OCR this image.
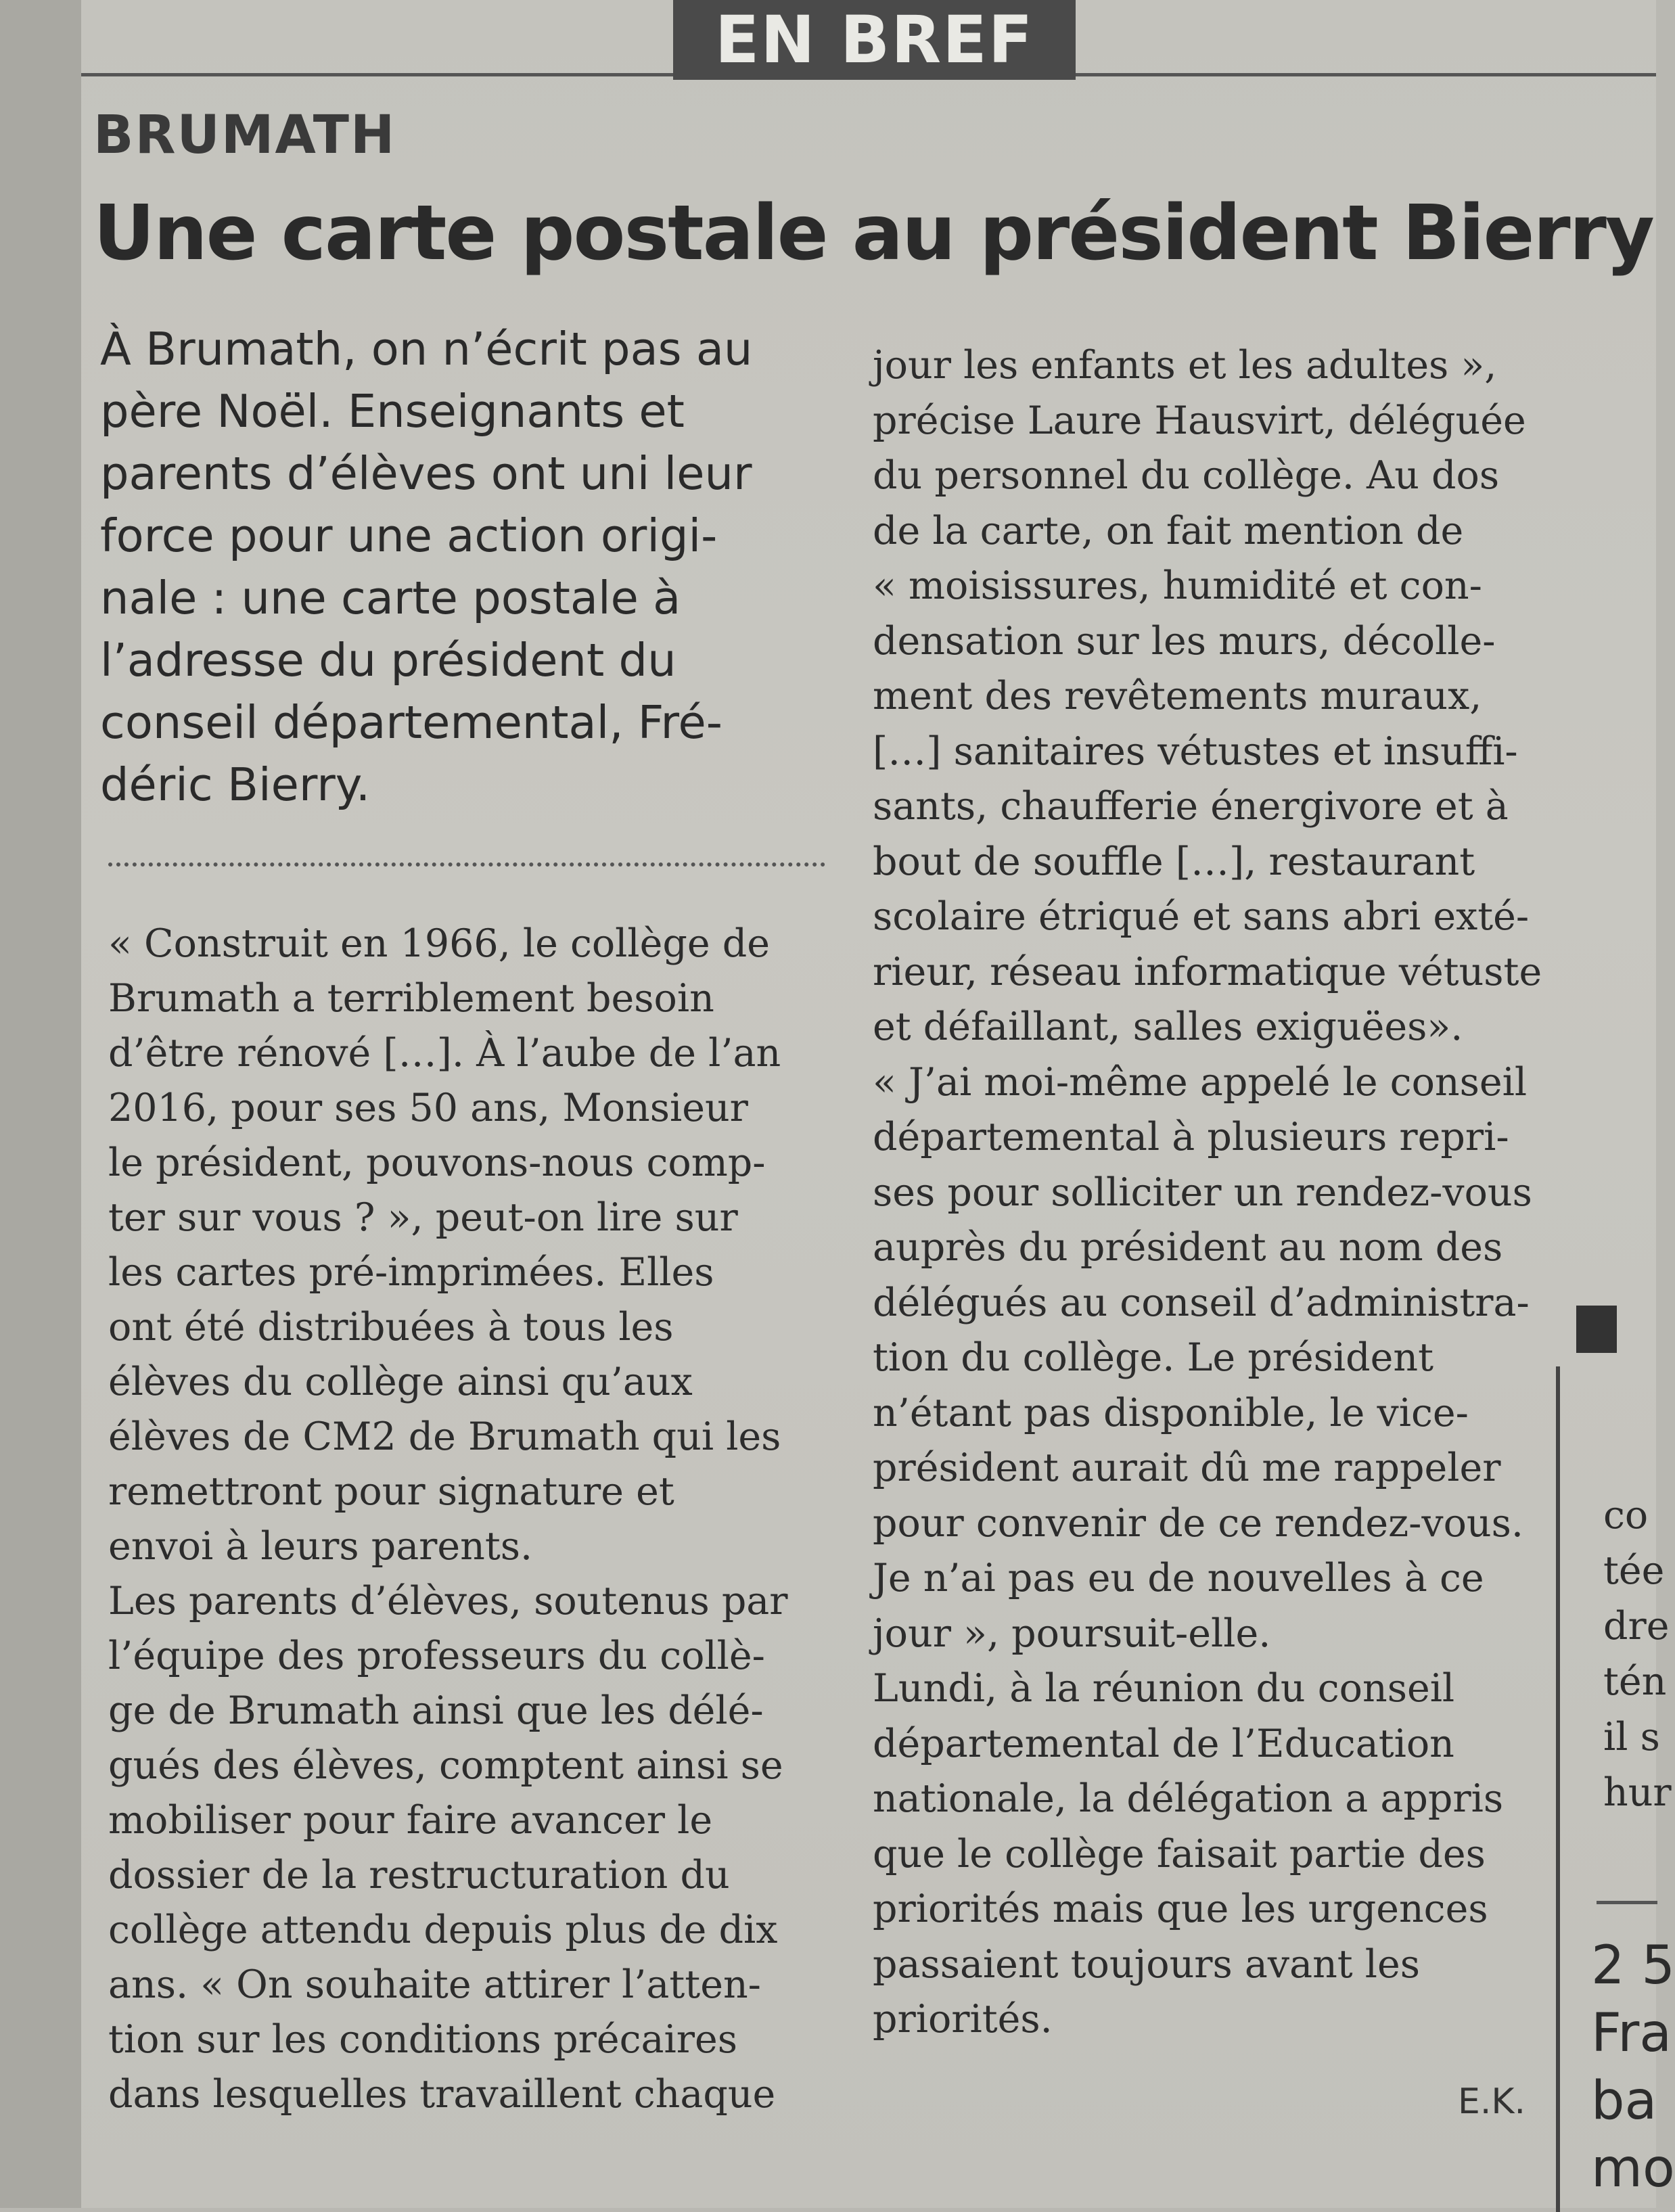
EN BREF
BRUMATH
Une carte postale au président Bierry

À Brumath, on n’écrit pas au
père Noël. Enseignants et
parents d’élèves ont uni leur
force pour une action origi-
nale : une carte postale à
l’adresse du président du
conseil départemental, Fré-
déric Bierry.

« Construit en 1966, le collège de
Brumath a terriblement besoin
d’être rénové […]. À l’aube de l’an
2016, pour ses 50 ans, Monsieur
le président, pouvons-nous comp-
ter sur vous ? », peut-on lire sur
les cartes pré-imprimées. Elles
ont été distribuées à tous les
élèves du collège ainsi qu’aux
élèves de CM2 de Brumath qui les
remettront pour signature et
envoi à leurs parents.
Les parents d’élèves, soutenus par
l’équipe des professeurs du collè-
ge de Brumath ainsi que les délé-
gués des élèves, comptent ainsi se
mobiliser pour faire avancer le
dossier de la restructuration du
collège attendu depuis plus de dix
ans. « On souhaite attirer l’atten-
tion sur les conditions précaires
dans lesquelles travaillent chaque

jour les enfants et les adultes »,
précise Laure Hausvirt, déléguée
du personnel du collège. Au dos
de la carte, on fait mention de
« moisissures, humidité et con-
densation sur les murs, décolle-
ment des revêtements muraux,
[…] sanitaires vétustes et insuffi-
sants, chaufferie énergivore et à
bout de souffle […], restaurant
scolaire étriqué et sans abri exté-
rieur, réseau informatique vétuste
et défaillant, salles exiguëes».
« J’ai moi-même appelé le conseil
départemental à plusieurs repri-
ses pour solliciter un rendez-vous
auprès du président au nom des
délégués au conseil d’administra-
tion du collège. Le président
n’étant pas disponible, le vice-
président aurait dû me rappeler
pour convenir de ce rendez-vous.
Je n’ai pas eu de nouvelles à ce
jour », poursuit-elle.
Lundi, à la réunion du conseil
départemental de l’Education
nationale, la délégation a appris
que le collège faisait partie des
priorités mais que les urgences
passaient toujours avant les
priorités.

E.K.
co
tée
dre
tén
il s
hur
2 5
Fra
ba
mo
